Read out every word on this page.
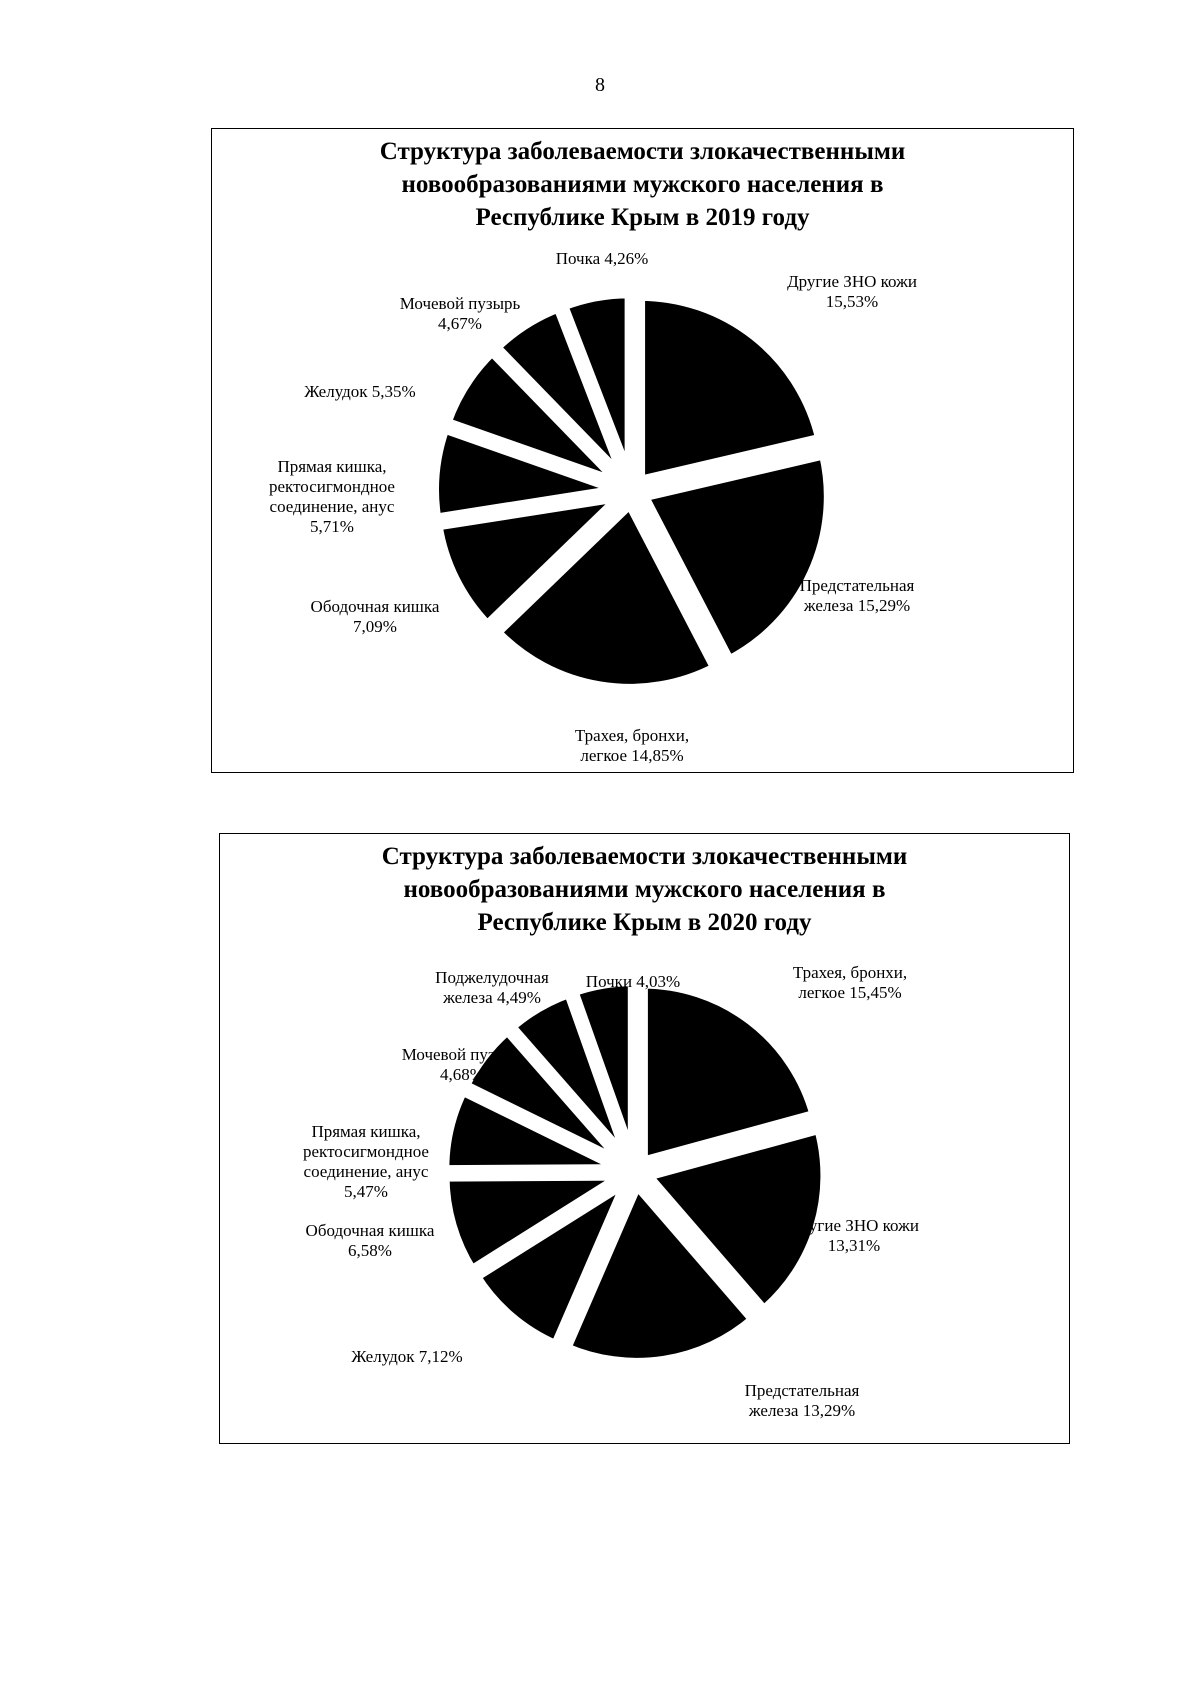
8
Структура заболеваемости злокачественными
новообразованиями мужского населения в
Республике Крым в 2019 году
Другие ЗНО кожи 15,53%
Предстательная железа 15,29%
Трахея, бронхи, легкое 14,85%
Ободочная кишка 7,09%
Прямая кишка, ректосигмондное соединение, анус 5,71%
Желудок 5,35%
Мочевой пузырь 4,67%
Почка 4,26%
Структура заболеваемости злокачественными
новообразованиями мужского населения в
Республике Крым в 2020 году
Трахея, бронхи, легкое 15,45%
Другие ЗНО кожи 13,31%
Предстательная железа 13,29%
Желудок 7,12%
Ободочная кишка 6,58%
Прямая кишка, ректосигмондное соединение, анус 5,47%
Мочевой пузырь 4,68%
Поджелудочная железа 4,49%
Почки 4,03%
